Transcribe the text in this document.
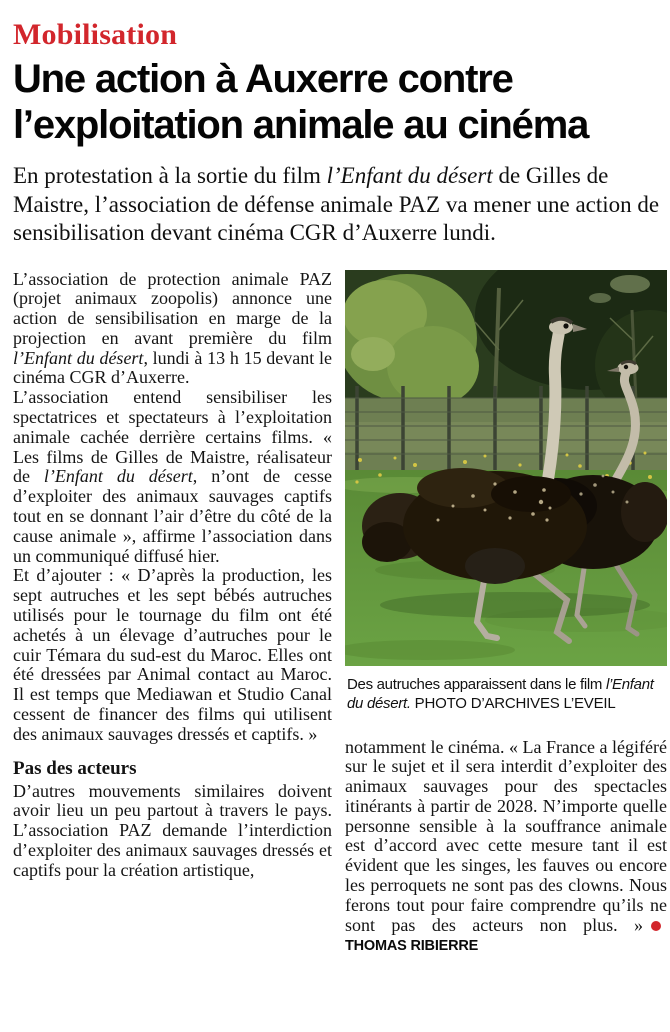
Mobilisation
Une action à Auxerre contre
l’exploitation animale au cinéma

En protestation à la sortie du film l’Enfant du désert de Gilles de Maistre, l’association de défense animale PAZ va mener une action de sensibilisation devant cinéma CGR d’Auxerre lundi.

L’association de protection animale PAZ (projet animaux zoopolis) annonce une action de sensibilisation en marge de la projection en avant première du film l’Enfant du désert, lundi à 13 h 15 devant le cinéma CGR d’Auxerre.

L’association entend sensibiliser les spectatrices et spectateurs à l’exploitation animale cachée derrière certains films. « Les films de Gilles de Maistre, réalisateur de l’Enfant du désert, n’ont de cesse d’exploiter des animaux sauvages captifs tout en se donnant l’air d’être du côté de la cause animale », affirme l’association dans un communiqué diffusé hier.

Et d’ajouter : « D’après la production, les sept autruches et les sept bébés autruches utilisés pour le tournage du film ont été achetés à un élevage d’autruches pour le cuir Témara du sud-est du Maroc. Elles ont été dressées par Animal contact au Maroc. Il est temps que Mediawan et Studio Canal cessent de financer des films qui utilisent des animaux sauvages dressés et captifs. »

Pas des acteurs

D’autres mouvements similaires doivent avoir lieu un peu partout à travers le pays. L’association PAZ demande l’interdiction d’exploiter des animaux sauvages dressés et captifs pour la création artistique,

Des autruches apparaissent dans le film l’Enfant du désert. PHOTO D’ARCHIVES L’EVEIL

notamment le cinéma. « La France a légiféré sur le sujet et il sera interdit d’exploiter des animaux sauvages pour des spectacles itinérants à partir de 2028. N’importe quelle personne sensible à la souffrance animale est d’accord avec cette mesure tant il est évident que les singes, les fauves ou encore les perroquets ne sont pas des clowns. Nous ferons tout pour faire comprendre qu’ils ne sont pas des acteurs non plus. »THOMAS RIBIERRE
